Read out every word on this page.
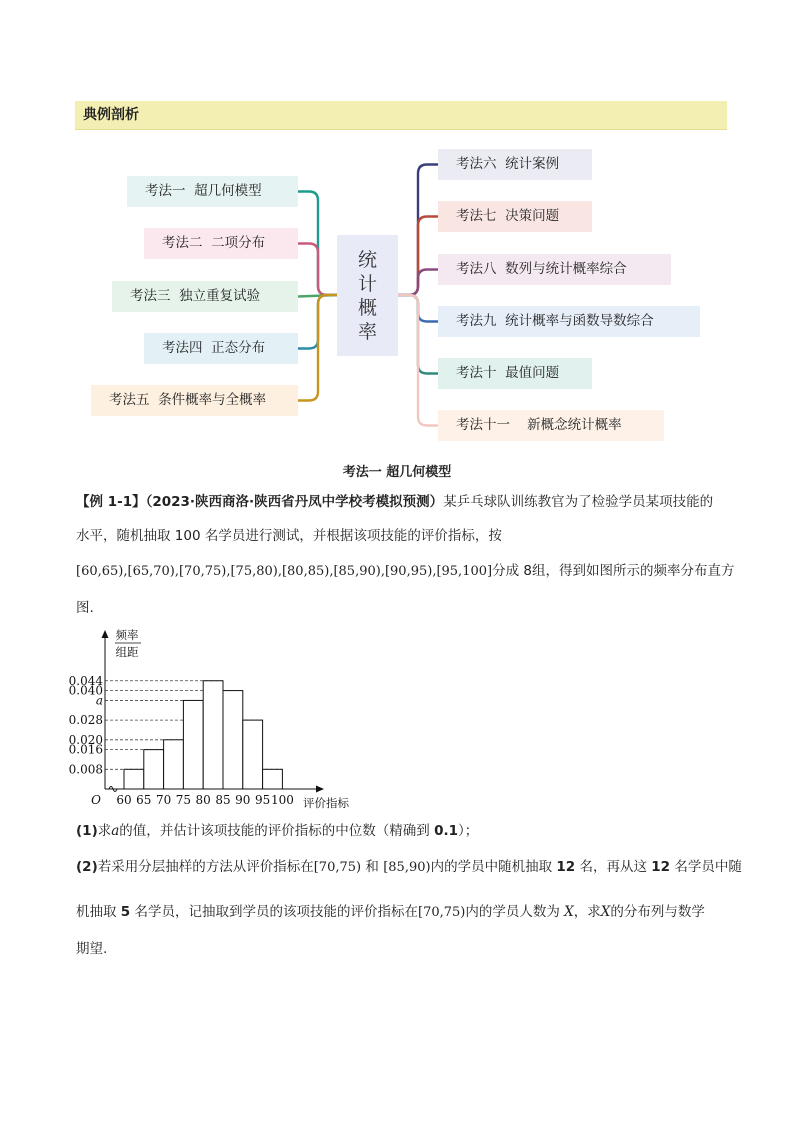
典例剖析
考法一  超几何模型
考法二  二项分布
考法三  独立重复试验
考法四  正态分布
考法五  条件概率与全概率
考法六  统计案例
考法七  决策问题
考法八  数列与统计概率综合
考法九  统计概率与函数导数综合
考法十  最值问题
考法十一    新概念统计概率
统
计
概
率
考法一 超几何模型
【例 1-1】（2023·陕西商洛·陕西省丹凤中学校考模拟预测）某乒乓球队训练教官为了检验学员某项技能的
水平，随机抽取 100 名学员进行测试，并根据该项技能的评价指标，按
[60,65),[65,70),[70,75),[75,80),[80,85),[85,90),[90,95),[95,100]分成 8组，得到如图所示的频率分布直方
图.
0.008
0.016
0.020
0.028
a
0.040
0.044
60 65 70 75 80 85 90 95 100
O	评价指标
频率
组距
(1)求a的值，并估计该项技能的评价指标的中位数（精确到 0.1）；
(2)若采用分层抽样的方法从评价指标在[70,75) 和 [85,90)内的学员中随机抽取 12 名，再从这 12 名学员中随
机抽取 5 名学员，记抽取到学员的该项技能的评价指标在[70,75)内的学员人数为 X，求X的分布列与数学
期望.
